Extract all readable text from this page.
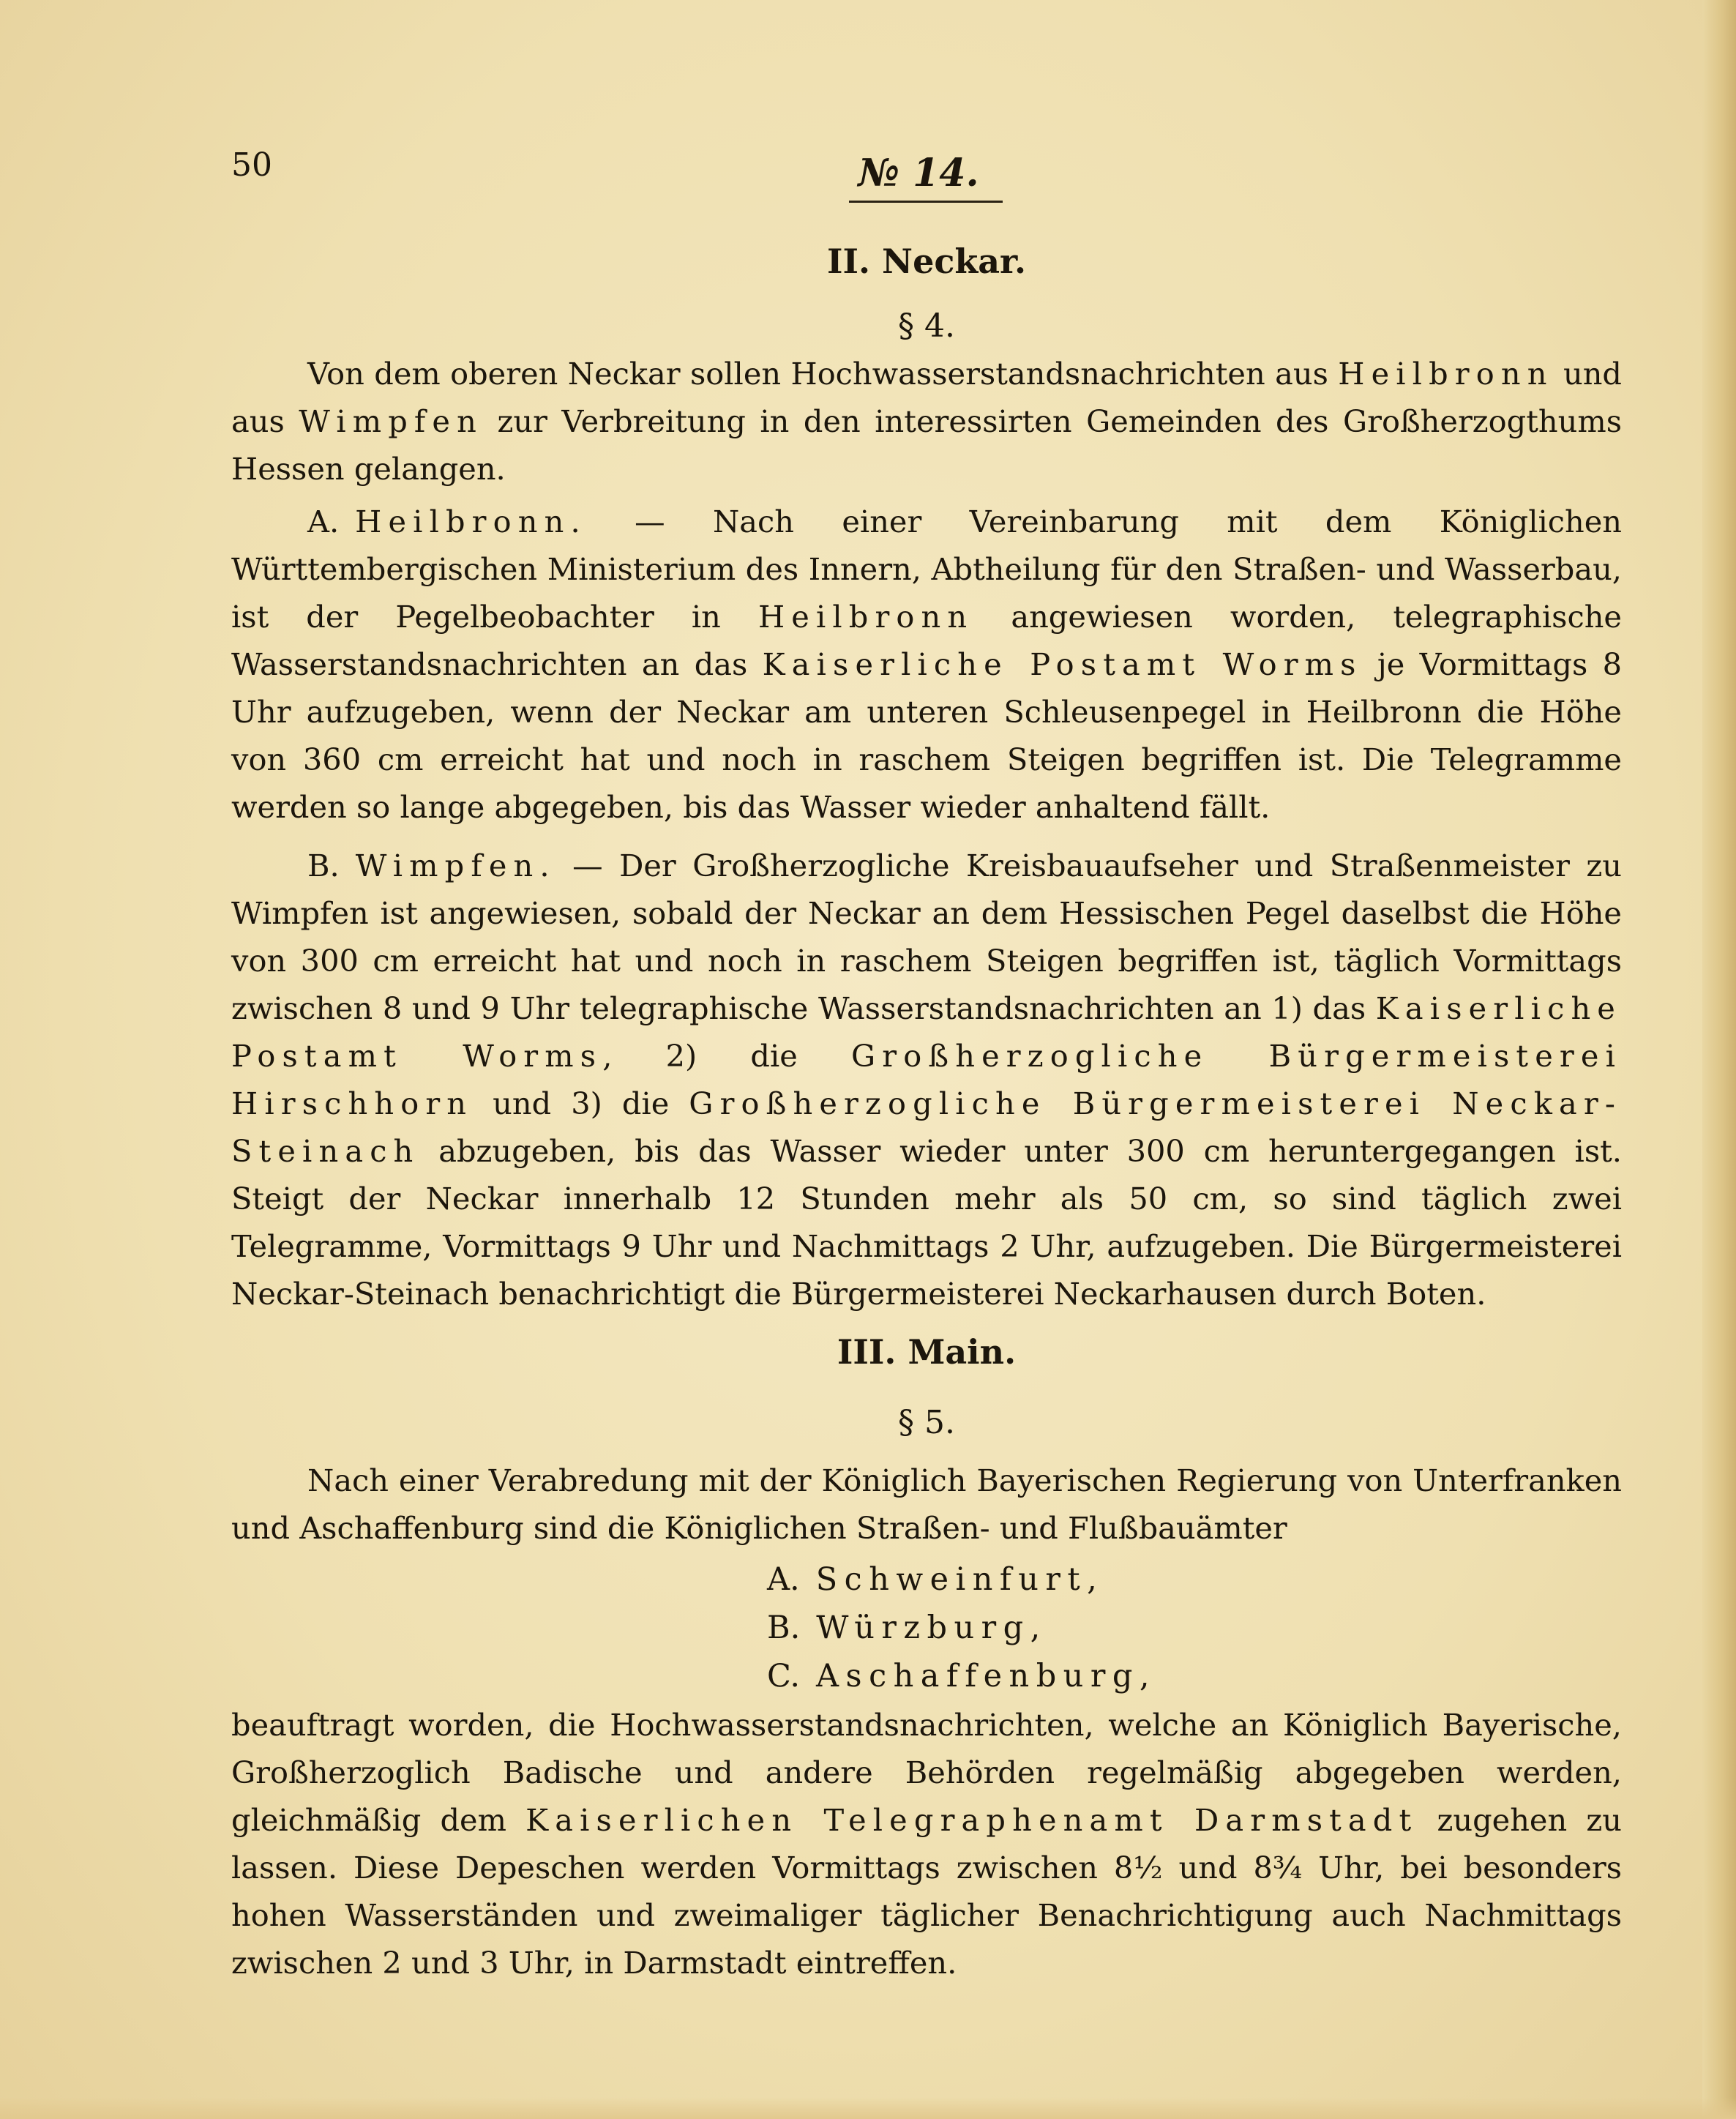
50	№ 14.
II. Neckar.
§ 4.

Von dem oberen Neckar sollen Hochwasserstandsnachrichten aus Heilbronn und aus Wimpfen zur Verbreitung in den interessirten Gemeinden des Großherzogthums Hessen gelangen.

A. Heilbronn. — Nach einer Vereinbarung mit dem Königlichen Württembergischen Ministerium des Innern, Abtheilung für den Straßen- und Wasserbau, ist der Pegelbeobachter in Heilbronn angewiesen worden, telegraphische Wasserstandsnachrichten an das Kaiserliche Postamt Worms je Vormittags 8 Uhr aufzugeben, wenn der Neckar am unteren Schleusenpegel in Heilbronn die Höhe von 360 cm erreicht hat und noch in raschem Steigen begriffen ist. Die Telegramme werden so lange abgegeben, bis das Wasser wieder anhaltend fällt.

B. Wimpfen. — Der Großherzogliche Kreisbauaufseher und Straßenmeister zu Wimpfen ist angewiesen, sobald der Neckar an dem Hessischen Pegel daselbst die Höhe von 300 cm erreicht hat und noch in raschem Steigen begriffen ist, täglich Vormittags zwischen 8 und 9 Uhr telegraphische Wasserstandsnachrichten an 1) das Kaiserliche Postamt Worms, 2) die Großherzogliche Bürgermeisterei Hirschhorn und 3) die Großherzogliche Bürgermeisterei Neckar-Steinach abzugeben, bis das Wasser wieder unter 300 cm heruntergegangen ist. Steigt der Neckar innerhalb 12 Stunden mehr als 50 cm, so sind täglich zwei Telegramme, Vormittags 9 Uhr und Nachmittags 2 Uhr, aufzugeben. Die Bürgermeisterei Neckar-Steinach benachrichtigt die Bürgermeisterei Neckarhausen durch Boten.

III. Main.
§ 5.

Nach einer Verabredung mit der Königlich Bayerischen Regierung von Unterfranken und Aschaffenburg sind die Königlichen Straßen- und Flußbauämter

A. Schweinfurt,
B. Würzburg,
C. Aschaffenburg,

beauftragt worden, die Hochwasserstandsnachrichten, welche an Königlich Bayerische, Großherzoglich Badische und andere Behörden regelmäßig abgegeben werden, gleichmäßig dem Kaiserlichen Telegraphenamt Darmstadt zugehen zu lassen. Diese Depeschen werden Vormittags zwischen 8½ und 8¾ Uhr, bei besonders hohen Wasserständen und zweimaliger täglicher Benachrichtigung auch Nachmittags zwischen 2 und 3 Uhr, in Darmstadt eintreffen.
